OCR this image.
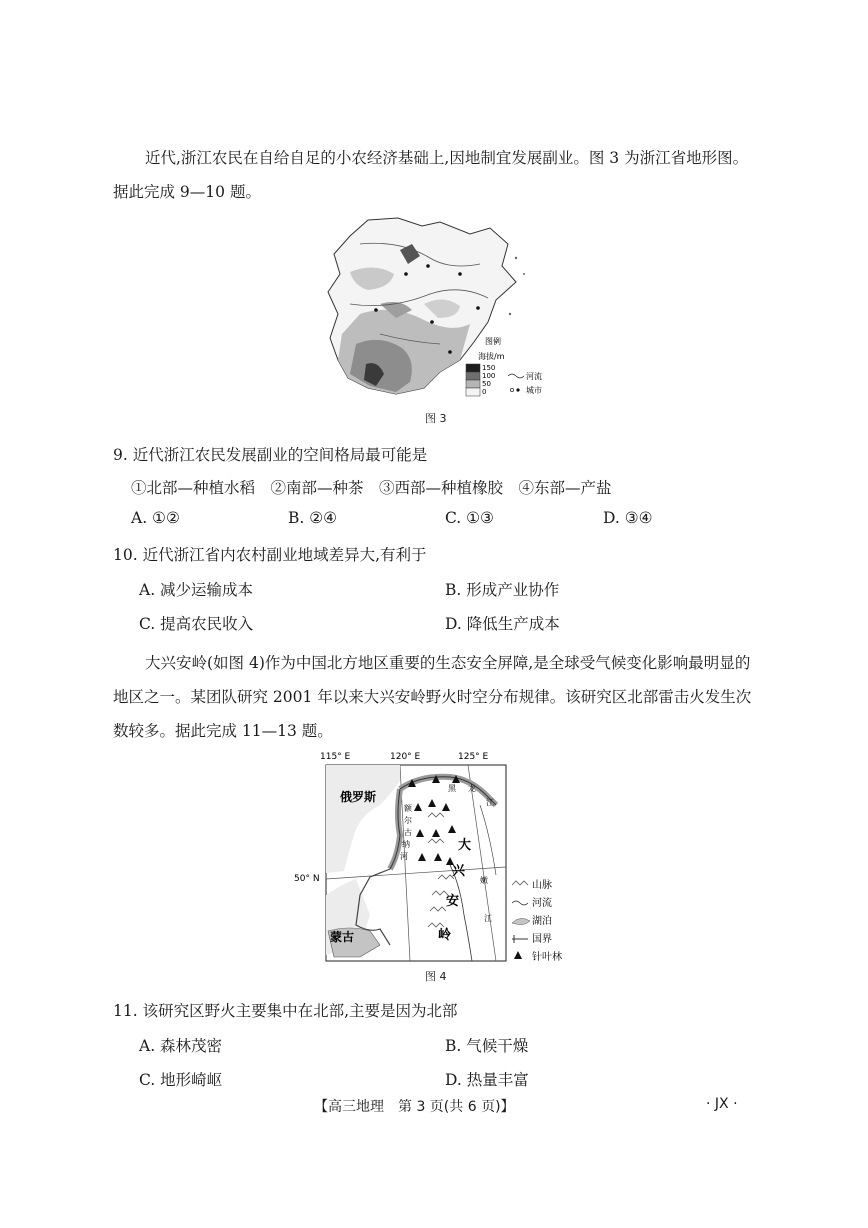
近代,浙江农民在自给自足的小农经济基础上,因地制宜发展副业。图 3 为浙江省地形图。据此完成 9—10 题。
图例
海拔/m
150
100
50
0
河流
城市
图 3
9. 近代浙江农民发展副业的空间格局最可能是
①北部—种植水稻　②南部—种茶　③西部—种植橡胶　④东部—产盐
A. ①②	B. ②④	C. ①③	D. ③④
10. 近代浙江省内农村副业地域差异大,有利于
A. 减少运输成本	B. 形成产业协作
C. 提高农民收入	D. 降低生产成本
大兴安岭(如图 4)作为中国北方地区重要的生态安全屏障,是全球受气候变化影响最明显的地区之一。某团队研究 2001 年以来大兴安岭野火时空分布规律。该研究区北部雷击火发生次数较多。据此完成 11—13 题。
115° E	120° E	125° E
50° N
俄罗斯
蒙古
黑 龙
江
额
尔
古
纳
河
嫩
江
大
兴
安
岭
山脉
河流
湖泊
国界
针叶林
图 4
11. 该研究区野火主要集中在北部,主要是因为北部
A. 森林茂密	B. 气候干燥
C. 地形崎岖	D. 热量丰富
【高三地理　第 3 页(共 6 页)】	· JX ·
